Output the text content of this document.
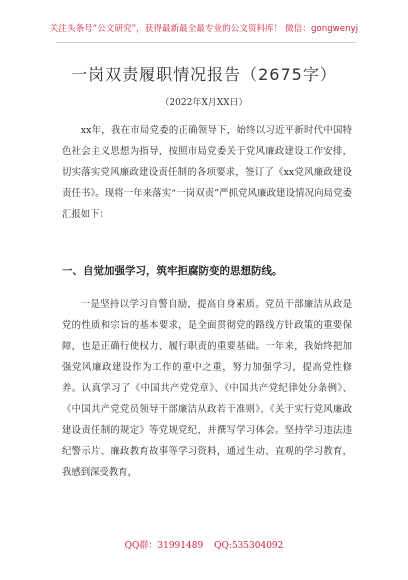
关注头条号“公文研究”，获得最新最全最专业的公文资料库！ 微信：gongwenyj
一岗双责履职情况报告（2675字）
（2022年X月XX日）

xx年，我在市局党委的正确领导下，始终以习近平新时代中国特色社会主义思想为指导，按照市局党委关于党风廉政建设工作安排，切实落实党风廉政建设责任制的各项要求，签订了《xx党风廉政建设责任书》。现将一年来落实“一岗双责”严抓党风廉政建设情况向局党委汇报如下：

一、自觉加强学习，筑牢拒腐防变的思想防线。

一是坚持以学习自警自励，提高自身素质。党员干部廉洁从政是党的性质和宗旨的基本要求，是全面贯彻党的路线方针政策的重要保障，也是正确行使权力、履行职责的重要基础。一年来，我始终把加强党风廉政建设作为工作的重中之重，努力加强学习，提高党性修养。认真学习了《中国共产党党章》、《中国共产党纪律处分条例》、《中国共产党党员领导干部廉洁从政若干准则》、《关于实行党风廉政建设责任制的规定》等党规党纪，并撰写学习体会。坚持学习违法违纪警示片、廉政教育故事等学习资料，通过生动、直观的学习教育，我感到深受教育，

QQ群：31991489 QQ:535304092
